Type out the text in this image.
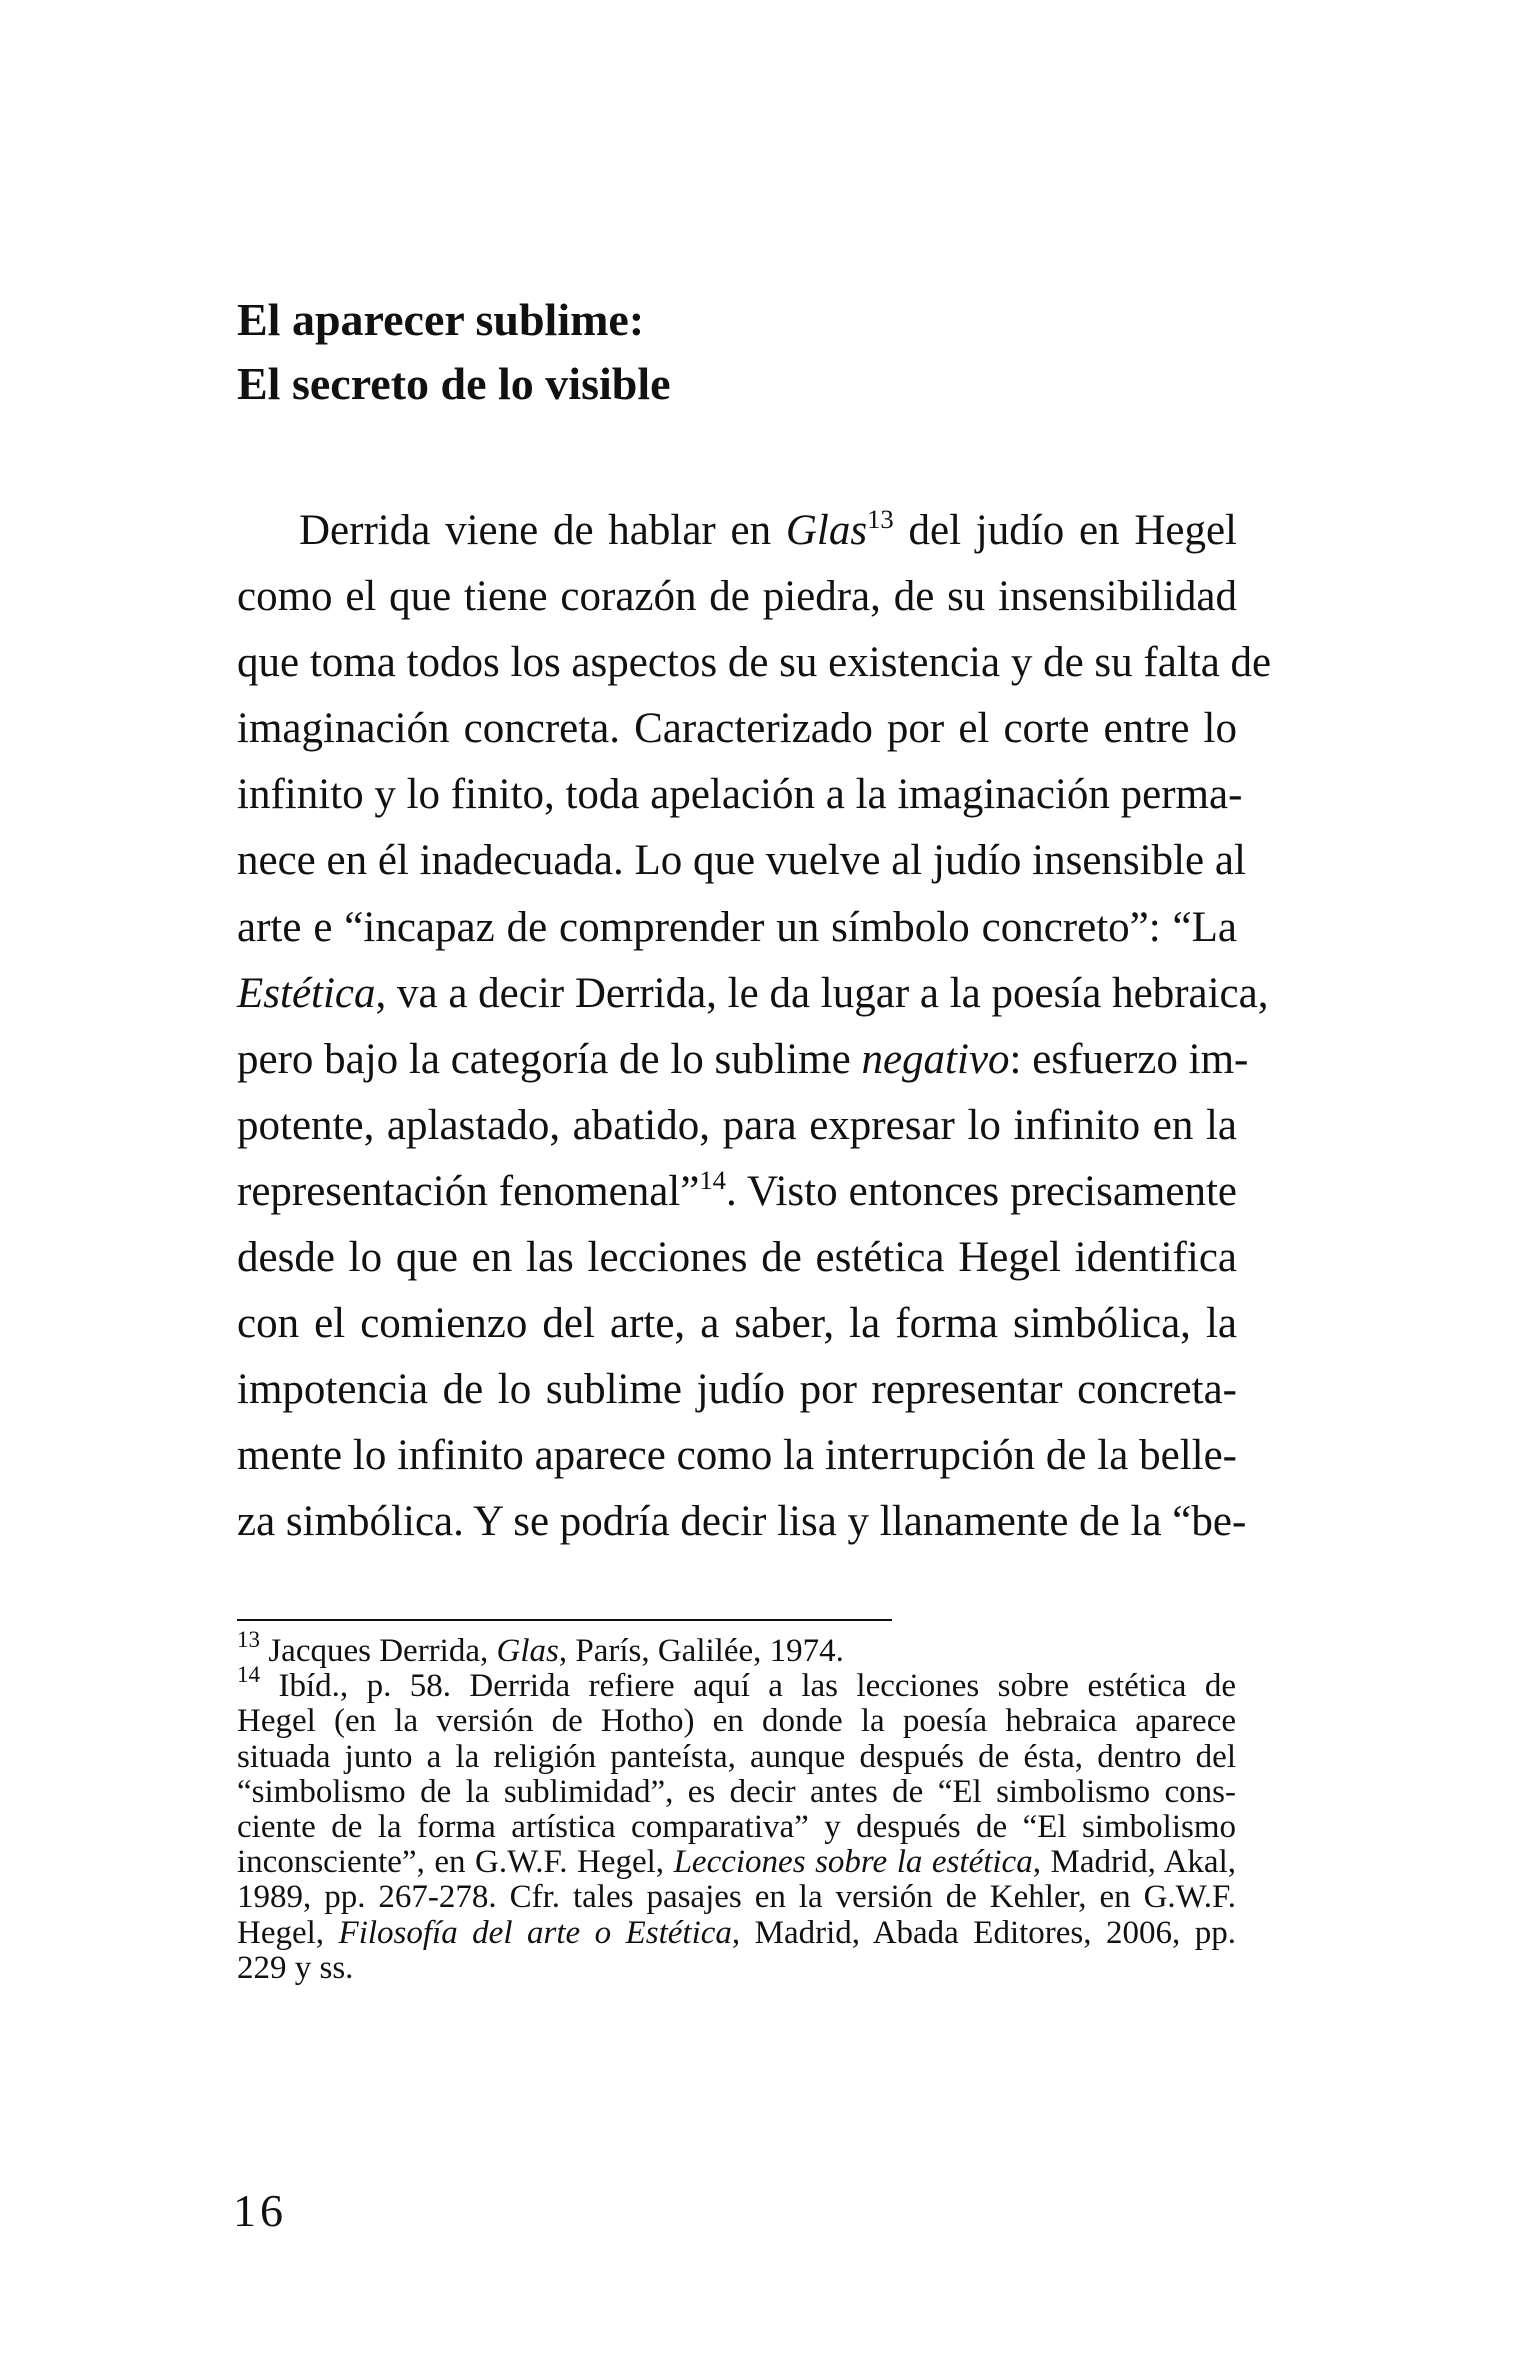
El aparecer sublime:
El secreto de lo visible
Derrida viene de hablar en Glas$^{13}$ del judío en Hegel
como el que tiene corazón de piedra, de su insensibilidad
que toma todos los aspectos de su existencia y de su falta de
imaginación concreta. Caracterizado por el corte entre lo
infinito y lo finito, toda apelación a la imaginación perma-
nece en él inadecuada. Lo que vuelve al judío insensible al
arte e “incapaz de comprender un símbolo concreto”: “La
Estética, va a decir Derrida, le da lugar a la poesía hebraica,
pero bajo la categoría de lo sublime negativo: esfuerzo im-
potente, aplastado, abatido, para expresar lo infinito en la
representación fenomenal”$^{14}$. Visto entonces precisamente
desde lo que en las lecciones de estética Hegel identifica
con el comienzo del arte, a saber, la forma simbólica, la
impotencia de lo sublime judío por representar concreta-
mente lo infinito aparece como la interrupción de la belle-
za simbólica. Y se podría decir lisa y llanamente de la “be-
$^{13}$ Jacques Derrida, Glas, París, Galilée, 1974.
$^{14}$ Ibíd., p. 58. Derrida refiere aquí a las lecciones sobre estética de
Hegel (en la versión de Hotho) en donde la poesía hebraica aparece
situada junto a la religión panteísta, aunque después de ésta, dentro del
“simbolismo de la sublimidad”, es decir antes de “El simbolismo cons-
ciente de la forma artística comparativa” y después de “El simbolismo
inconsciente”, en G.W.F. Hegel, Lecciones sobre la estética, Madrid, Akal,
1989, pp. 267-278. Cfr. tales pasajes en la versión de Kehler, en G.W.F.
Hegel, Filosofía del arte o Estética, Madrid, Abada Editores, 2006, pp.
229 y ss.
16
